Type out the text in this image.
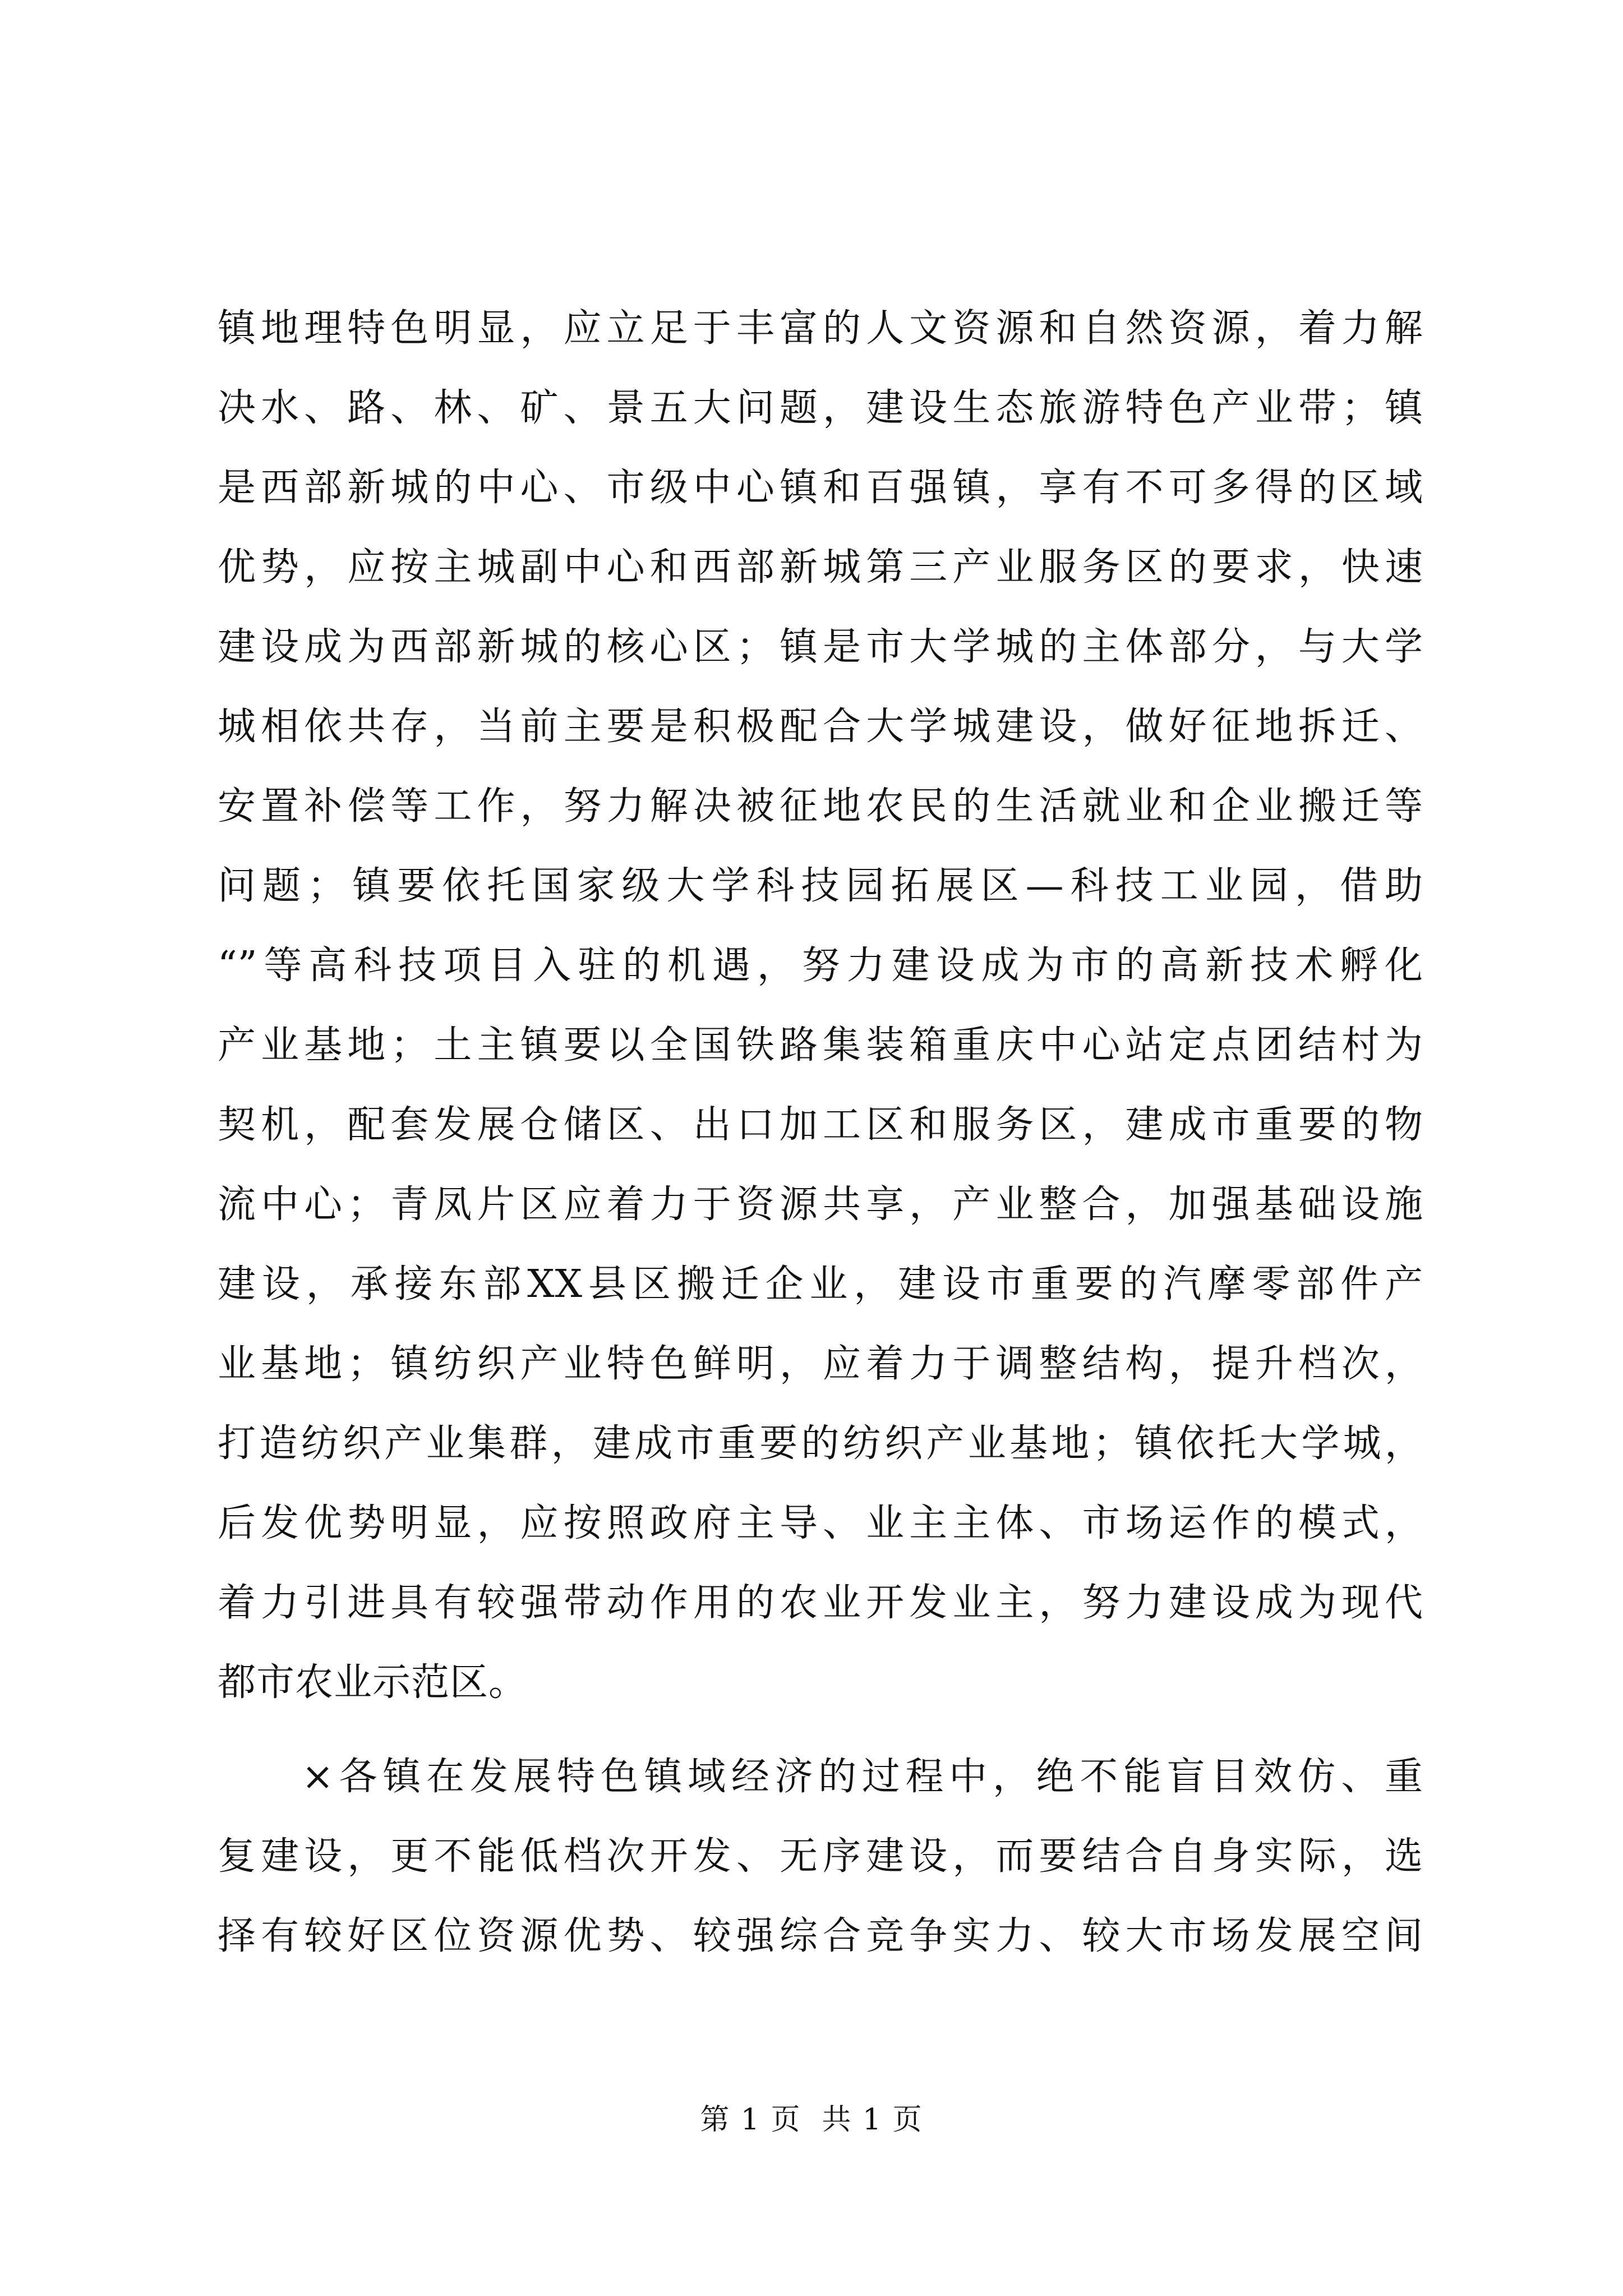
镇地理特色明显，应立足于丰富的人文资源和自然资源，着力解
决水、路、林、矿、景五大问题，建设生态旅游特色产业带；镇
是西部新城的中心、市级中心镇和百强镇，享有不可多得的区域
优势，应按主城副中心和西部新城第三产业服务区的要求，快速
建设成为西部新城的核心区；镇是市大学城的主体部分，与大学
城相依共存，当前主要是积极配合大学城建设，做好征地拆迁、
安置补偿等工作，努力解决被征地农民的生活就业和企业搬迁等
问题；镇要依托国家级大学科技园拓展区—科技工业园，借助
“”等高科技项目入驻的机遇，努力建设成为市的高新技术孵化
产业基地；土主镇要以全国铁路集装箱重庆中心站定点团结村为
契机，配套发展仓储区、出口加工区和服务区，建成市重要的物
流中心；青凤片区应着力于资源共享，产业整合，加强基础设施
建设，承接东部XX县区搬迁企业，建设市重要的汽摩零部件产
业基地；镇纺织产业特色鲜明，应着力于调整结构，提升档次，
打造纺织产业集群，建成市重要的纺织产业基地；镇依托大学城，
后发优势明显，应按照政府主导、业主主体、市场运作的模式，
着力引进具有较强带动作用的农业开发业主，努力建设成为现代
都市农业示范区。
×各镇在发展特色镇域经济的过程中，绝不能盲目效仿、重
复建设，更不能低档次开发、无序建设，而要结合自身实际，选
择有较好区位资源优势、较强综合竞争实力、较大市场发展空间
第 1 页  共 1 页
